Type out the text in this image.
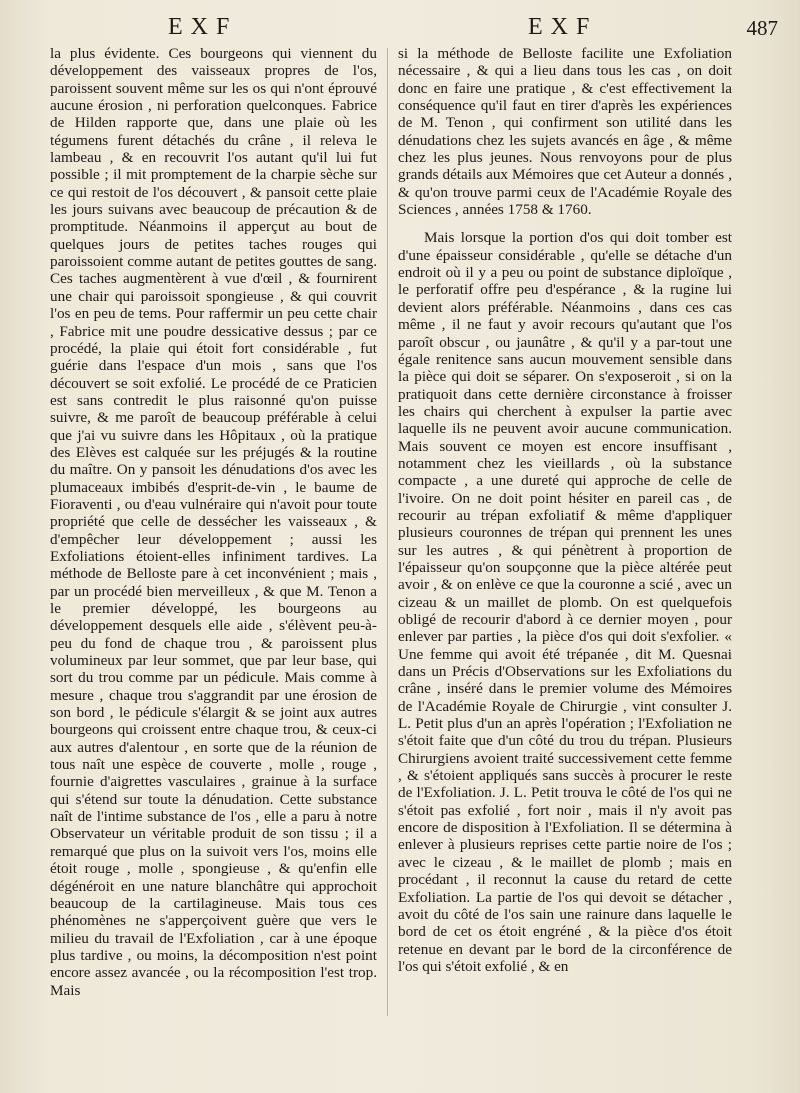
EXF	EXF	487

la plus évidente. Ces bourgeons qui viennent du développement des vaisseaux propres de l'os, paroissent souvent même sur les os qui n'ont éprouvé aucune érosion , ni perforation quelconques. Fabrice de Hilden rapporte que, dans une plaie où les tégumens furent détachés du crâne , il releva le lambeau , & en recouvrit l'os autant qu'il lui fut possible ; il mit promptement de la charpie sèche sur ce qui restoit de l'os découvert , & pansoit cette plaie les jours suivans avec beaucoup de précaution & de promptitude. Néanmoins il apperçut au bout de quelques jours de petites taches rouges qui paroissoient comme autant de petites gouttes de sang. Ces taches augmentèrent à vue d'œil , & fournirent une chair qui paroissoit spongieuse , & qui couvrit l'os en peu de tems. Pour raffermir un peu cette chair , Fabrice mit une poudre dessicative dessus ; par ce procédé, la plaie qui étoit fort considérable , fut guérie dans l'espace d'un mois , sans que l'os découvert se soit exfolié. Le procédé de ce Praticien est sans contredit le plus raisonné qu'on puisse suivre, & me paroît de beaucoup préférable à celui que j'ai vu suivre dans les Hôpitaux , où la pratique des Elèves est calquée sur les préjugés & la routine du maître. On y pansoit les dénudations d'os avec les plumaceaux imbibés d'esprit-de-vin , le baume de Fioraventi , ou d'eau vulnéraire qui n'avoit pour toute propriété que celle de dessécher les vaisseaux , & d'empêcher leur développement ; aussi les Exfoliations étoient-elles infiniment tardives. La méthode de Belloste pare à cet inconvénient ; mais , par un procédé bien merveilleux , & que M. Tenon a le premier développé, les bourgeons au développement desquels elle aide , s'élèvent peu-à-peu du fond de chaque trou , & paroissent plus volumineux par leur sommet, que par leur base, qui sort du trou comme par un pédicule. Mais comme à mesure , chaque trou s'aggrandit par une érosion de son bord , le pédicule s'élargit & se joint aux autres bourgeons qui croissent entre chaque trou, & ceux-ci aux autres d'alentour , en sorte que de la réunion de tous naît une espèce de couverte , molle , rouge , fournie d'aigrettes vasculaires , grainue à la surface qui s'étend sur toute la dénudation. Cette substance naît de l'intime substance de l'os , elle a paru à notre Observateur un véritable produit de son tissu ; il a remarqué que plus on la suivoit vers l'os, moins elle étoit rouge , molle , spongieuse , & qu'enfin elle dégénéroit en une nature blanchâtre qui approchoit beaucoup de la cartilagineuse. Mais tous ces phénomènes ne s'apperçoivent guère que vers le milieu du travail de l'Exfoliation , car à une époque plus tardive , ou moins, la décomposition n'est point encore assez avancée , ou la récomposition l'est trop. Mais

si la méthode de Belloste facilite une Exfoliation nécessaire , & qui a lieu dans tous les cas , on doit donc en faire une pratique , & c'est effectivement la conséquence qu'il faut en tirer d'après les expériences de M. Tenon , qui confirment son utilité dans les dénudations chez les sujets avancés en âge , & même chez les plus jeunes. Nous renvoyons pour de plus grands détails aux Mémoires que cet Auteur a donnés , & qu'on trouve parmi ceux de l'Académie Royale des Sciences , années 1758 & 1760.

Mais lorsque la portion d'os qui doit tomber est d'une épaisseur considérable , qu'elle se détache d'un endroit où il y a peu ou point de substance diploïque , le perforatif offre peu d'espérance , & la rugine lui devient alors préférable. Néanmoins , dans ces cas même , il ne faut y avoir recours qu'autant que l'os paroît obscur , ou jaunâtre , & qu'il y a par-tout une égale renitence sans aucun mouvement sensible dans la pièce qui doit se séparer. On s'exposeroit , si on la pratiquoit dans cette dernière circonstance à froisser les chairs qui cherchent à expulser la partie avec laquelle ils ne peuvent avoir aucune communication. Mais souvent ce moyen est encore insuffisant , notamment chez les vieillards , où la substance compacte , a une dureté qui approche de celle de l'ivoire. On ne doit point hésiter en pareil cas , de recourir au trépan exfoliatif & même d'appliquer plusieurs couronnes de trépan qui prennent les unes sur les autres , & qui pénètrent à proportion de l'épaisseur qu'on soupçonne que la pièce altérée peut avoir , & on enlève ce que la couronne a scié , avec un cizeau & un maillet de plomb. On est quelquefois obligé de recourir d'abord à ce dernier moyen , pour enlever par parties , la pièce d'os qui doit s'exfolier. « Une femme qui avoit été trépanée , dit M. Quesnai dans un Précis d'Observations sur les Exfoliations du crâne , inséré dans le premier volume des Mémoires de l'Académie Royale de Chirurgie , vint consulter J. L. Petit plus d'un an après l'opération ; l'Exfoliation ne s'étoit faite que d'un côté du trou du trépan. Plusieurs Chirurgiens avoient traité successivement cette femme , & s'étoient appliqués sans succès à procurer le reste de l'Exfoliation. J. L. Petit trouva le côté de l'os qui ne s'étoit pas exfolié , fort noir , mais il n'y avoit pas encore de disposition à l'Exfoliation. Il se détermina à enlever à plusieurs reprises cette partie noire de l'os ; avec le cizeau , & le maillet de plomb ; mais en procédant , il reconnut la cause du retard de cette Exfoliation. La partie de l'os qui devoit se détacher , avoit du côté de l'os sain une rainure dans laquelle le bord de cet os étoit engréné , & la pièce d'os étoit retenue en devant par le bord de la circonférence de l'os qui s'étoit exfolié , & en
